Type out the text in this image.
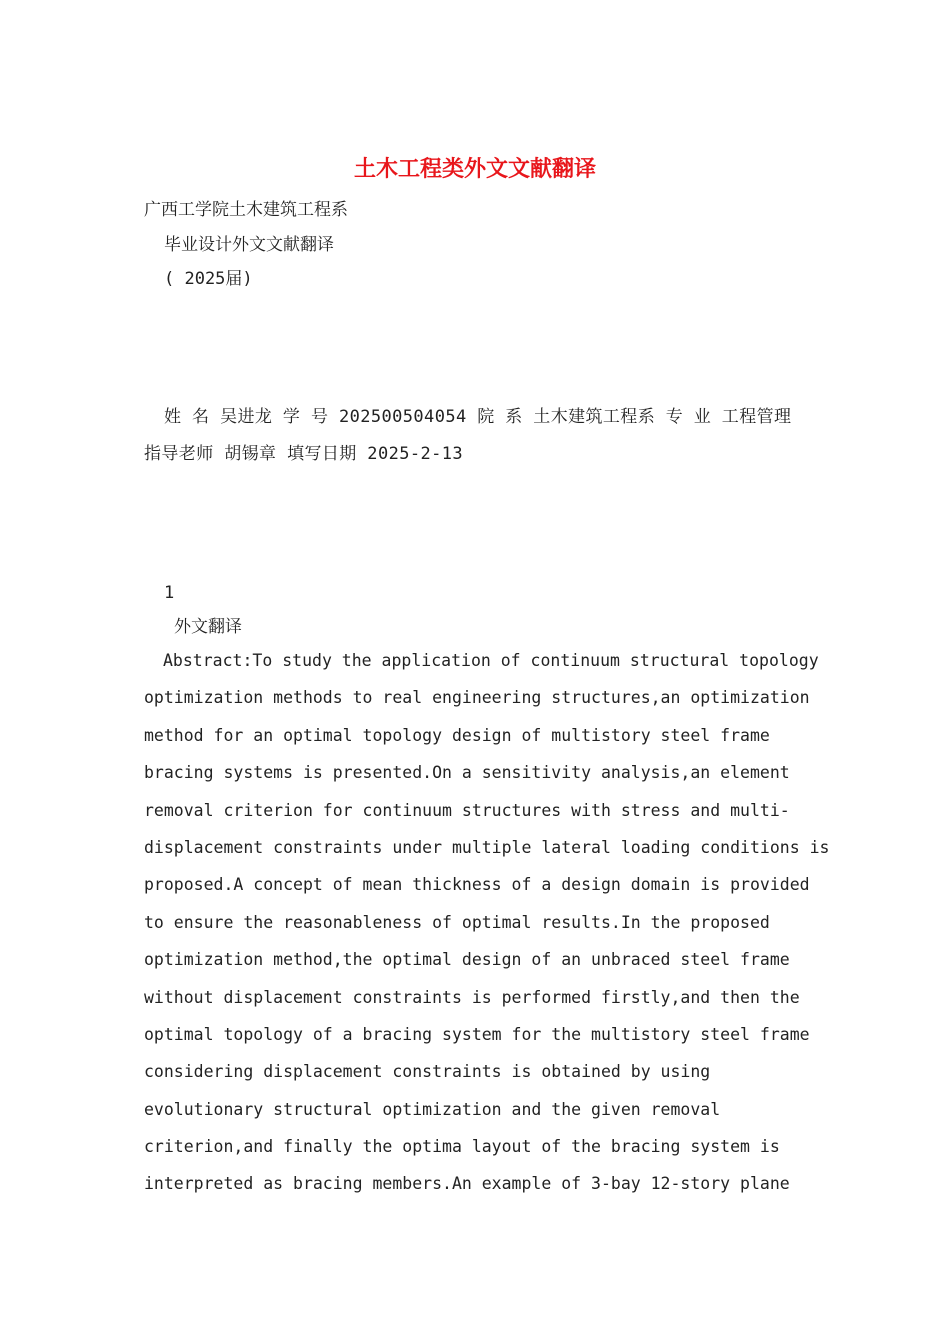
土木工程类外文文献翻译
广西工学院土木建筑工程系
毕业设计外文文献翻译
( 2025届)
姓 名 吴进龙 学 号 202500504054 院 系 土木建筑工程系 专 业 工程管理
指导老师 胡锡章 填写日期 2025-2-13
1
外文翻译
Abstract:To study the application of continuum structural topology
optimization methods to real engineering structures,an optimization
method for an optimal topology design of multistory steel frame
bracing systems is presented.On a sensitivity analysis,an element
removal criterion for continuum structures with stress and multi-
displacement constraints under multiple lateral loading conditions is
proposed.A concept of mean thickness of a design domain is provided
to ensure the reasonableness of optimal results.In the proposed
optimization method,the optimal design of an unbraced steel frame
without displacement constraints is performed firstly,and then the
optimal topology of a bracing system for the multistory steel frame
considering displacement constraints is obtained by using
evolutionary structural optimization and the given removal
criterion,and finally the optima layout of the bracing system is
interpreted as bracing members.An example of 3-bay 12-story plane
